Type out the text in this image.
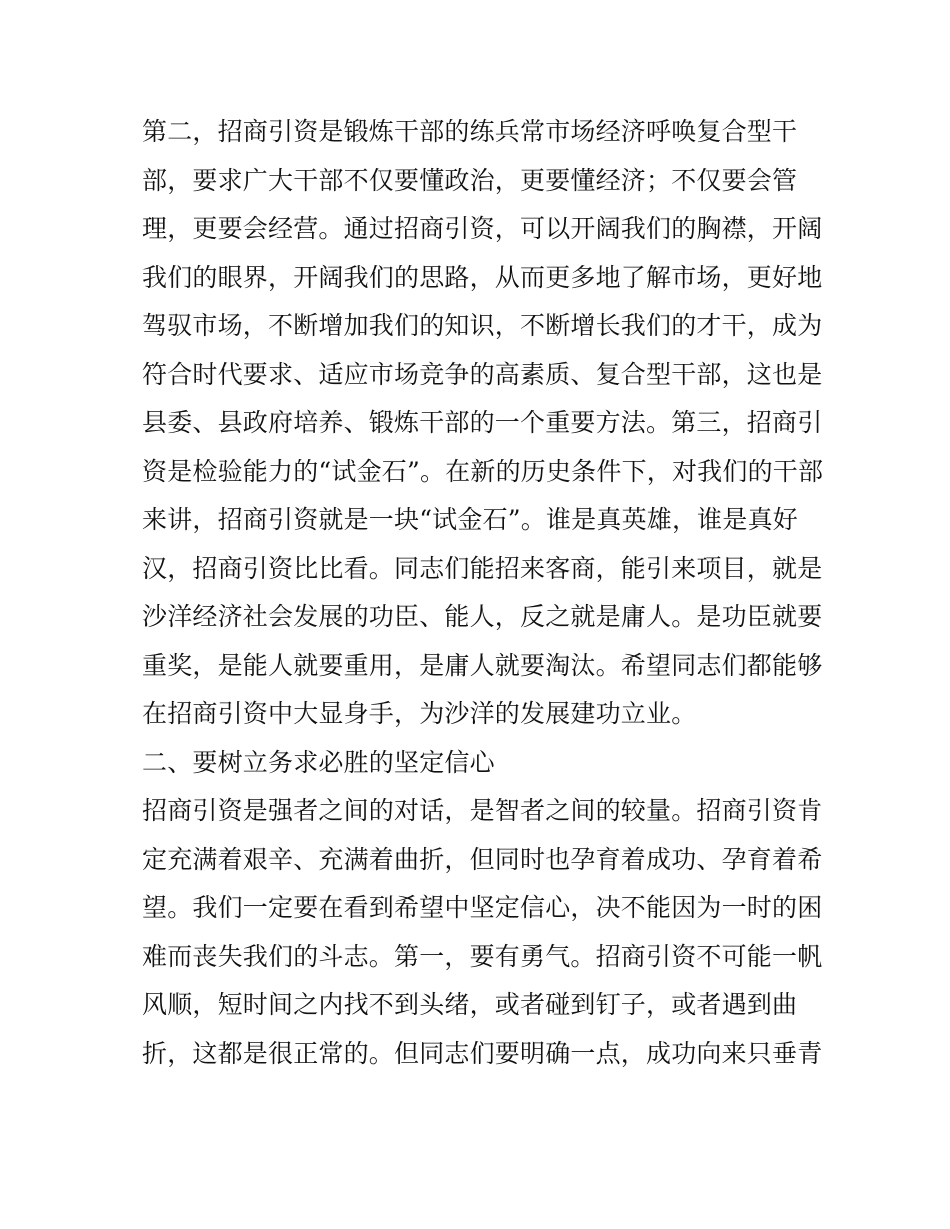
第二，招商引资是锻炼干部的练兵常市场经济呼唤复合型干
部，要求广大干部不仅要懂政治，更要懂经济；不仅要会管
理，更要会经营。通过招商引资，可以开阔我们的胸襟，开阔
我们的眼界，开阔我们的思路，从而更多地了解市场，更好地
驾驭市场，不断增加我们的知识，不断增长我们的才干，成为
符合时代要求、适应市场竞争的高素质、复合型干部，这也是
县委、县政府培养、锻炼干部的一个重要方法。第三，招商引
资是检验能力的“试金石”。在新的历史条件下，对我们的干部
来讲，招商引资就是一块“试金石”。谁是真英雄，谁是真好
汉，招商引资比比看。同志们能招来客商，能引来项目，就是
沙洋经济社会发展的功臣、能人，反之就是庸人。是功臣就要
重奖，是能人就要重用，是庸人就要淘汰。希望同志们都能够
在招商引资中大显身手，为沙洋的发展建功立业。
二、要树立务求必胜的坚定信心
招商引资是强者之间的对话，是智者之间的较量。招商引资肯
定充满着艰辛、充满着曲折，但同时也孕育着成功、孕育着希
望。我们一定要在看到希望中坚定信心，决不能因为一时的困
难而丧失我们的斗志。第一，要有勇气。招商引资不可能一帆
风顺，短时间之内找不到头绪，或者碰到钉子，或者遇到曲
折，这都是很正常的。但同志们要明确一点，成功向来只垂青
